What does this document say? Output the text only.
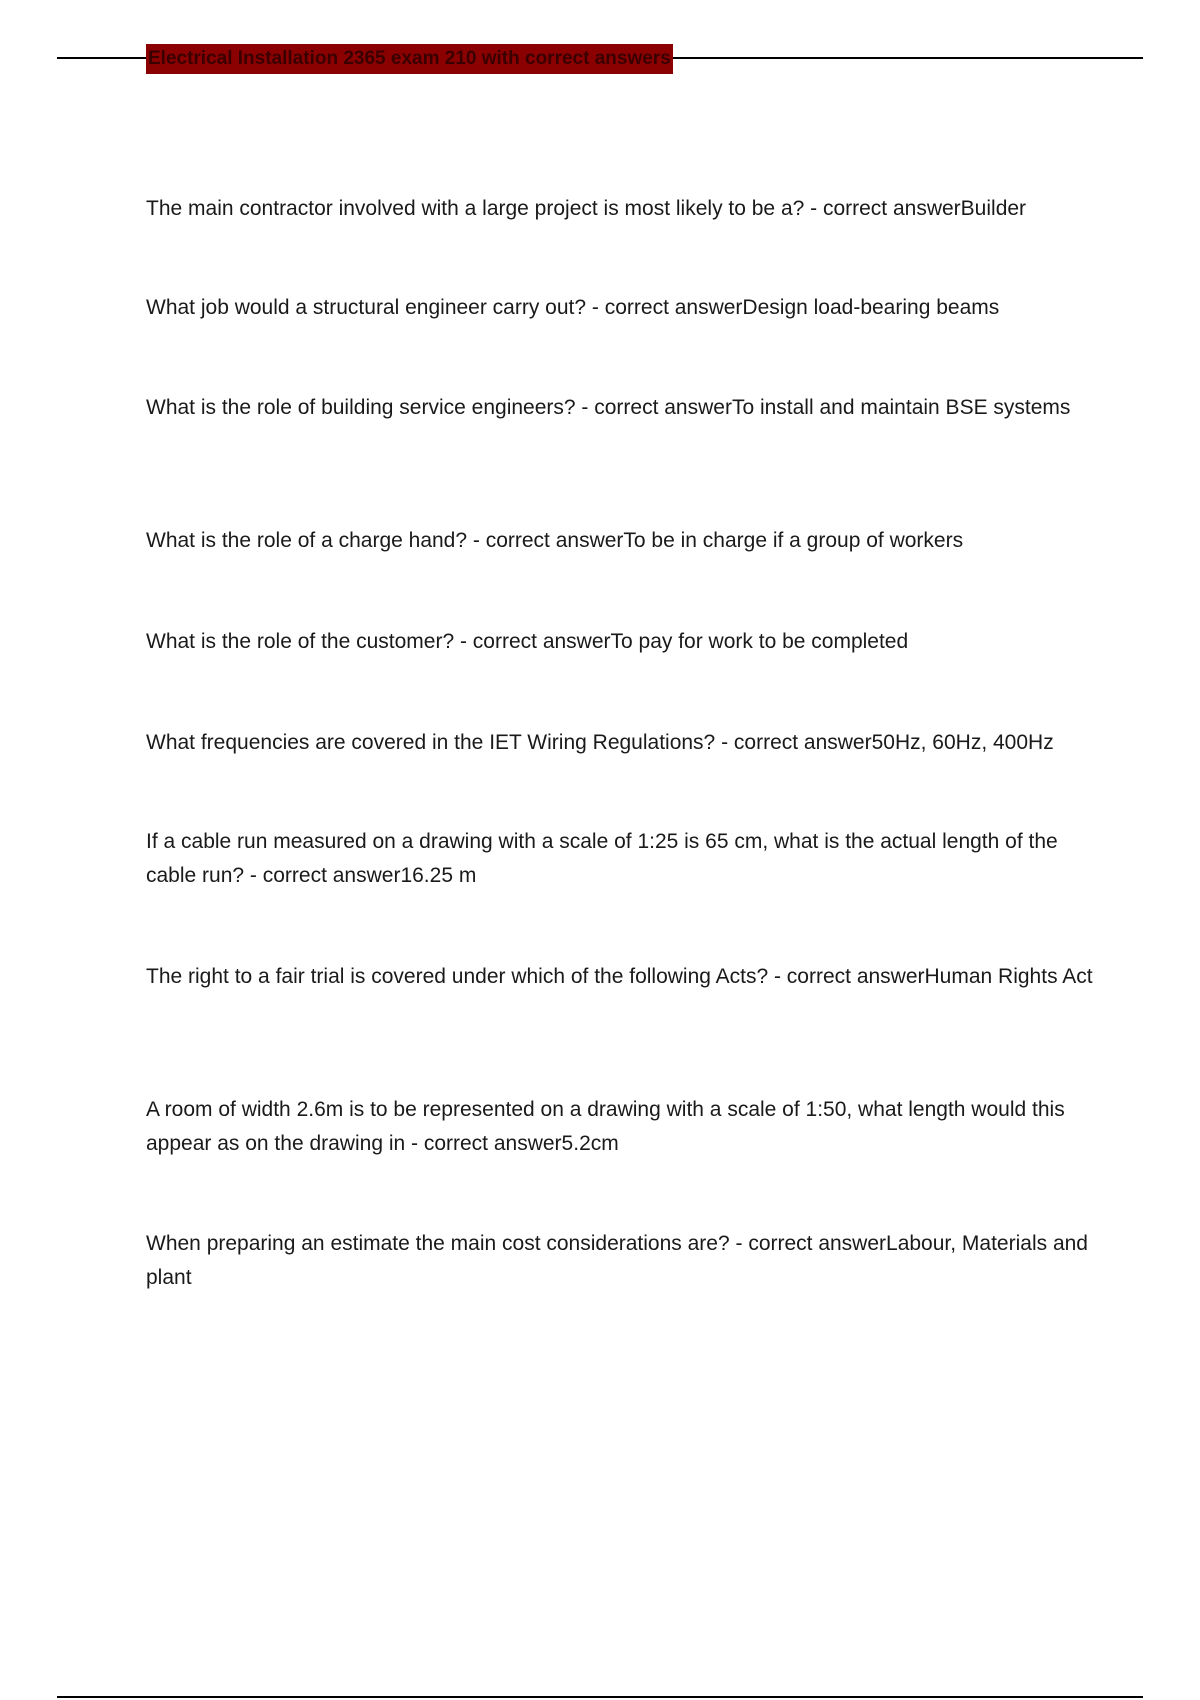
Electrical Installation 2365 exam 210 with correct answers

The main contractor involved with a large project is most likely to be a? - correct answerBuilder

What job would a structural engineer carry out? - correct answerDesign load-bearing beams

What is the role of building service engineers? - correct answerTo install and maintain BSE systems

What is the role of a charge hand? - correct answerTo be in charge if a group of workers

What is the role of the customer? - correct answerTo pay for work to be completed

What frequencies are covered in the IET Wiring Regulations? - correct answer50Hz, 60Hz, 400Hz

If a cable run measured on a drawing with a scale of 1:25 is 65 cm, what is the actual length of the cable run? - correct answer16.25 m

The right to a fair trial is covered under which of the following Acts? - correct answerHuman Rights Act

A room of width 2.6m is to be represented on a drawing with a scale of 1:50, what length would this appear as on the drawing in - correct answer5.2cm

When preparing an estimate the main cost considerations are? - correct answerLabour, Materials and plant
